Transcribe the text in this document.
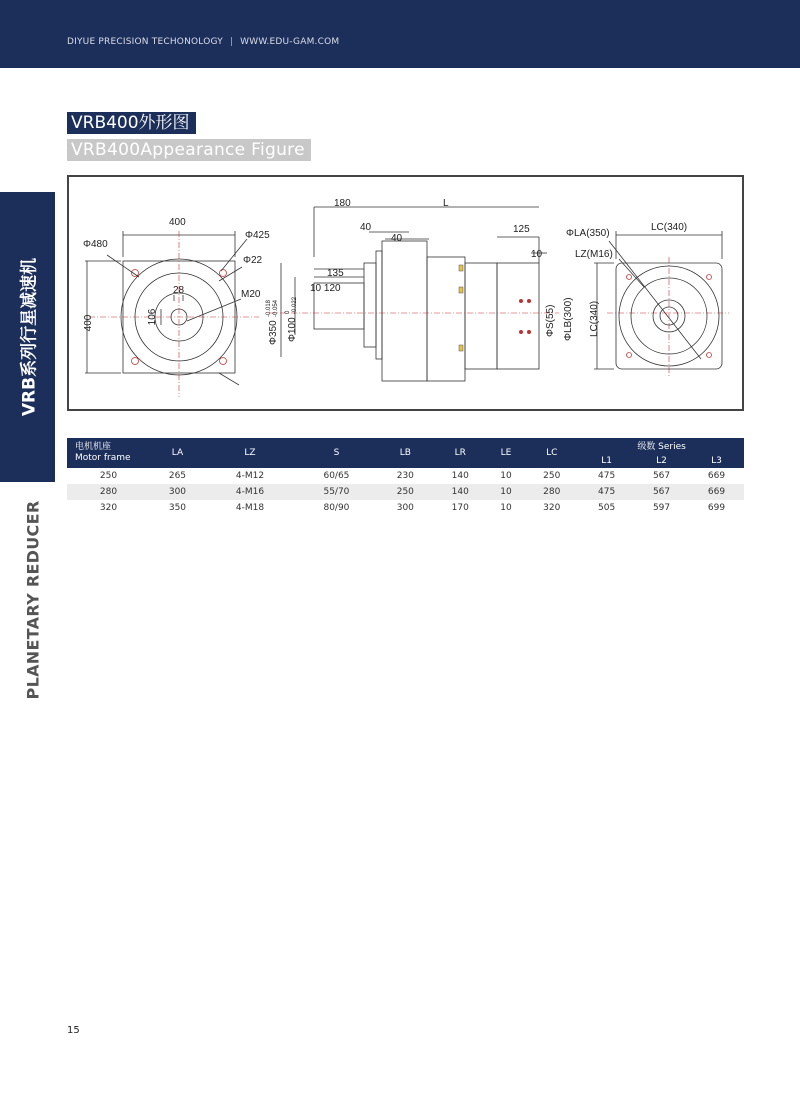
DIYUE PRECISION TECHONOLOGY | WWW.EDU-GAM.COM
VRB系列行星减速机
PLANETARY REDUCER
VRB400外形图
VRB400Appearance Figure
400
Φ480
Φ425
Φ22
28	M20
400	106
180	L
40
40
135
10 120
125
10
Φ350
-0.018 -0.054
Φ100
0 -0.022	ΦS(55) ΦLB(300) LC(340)
ΦLA(350)
LZ(M16)
LC(340)
电机机座
Motor frame	LA	LZ	S	LB	LR	LE	LC	级数 Series		
								L1	L2	L3
250	265	4-M12	60/65	230	140	10	250	475	567	669
280	300	4-M16	55/70	250	140	10	280	475	567	669
320	350	4-M18	80/90	300	170	10	320	505	597	699
15
